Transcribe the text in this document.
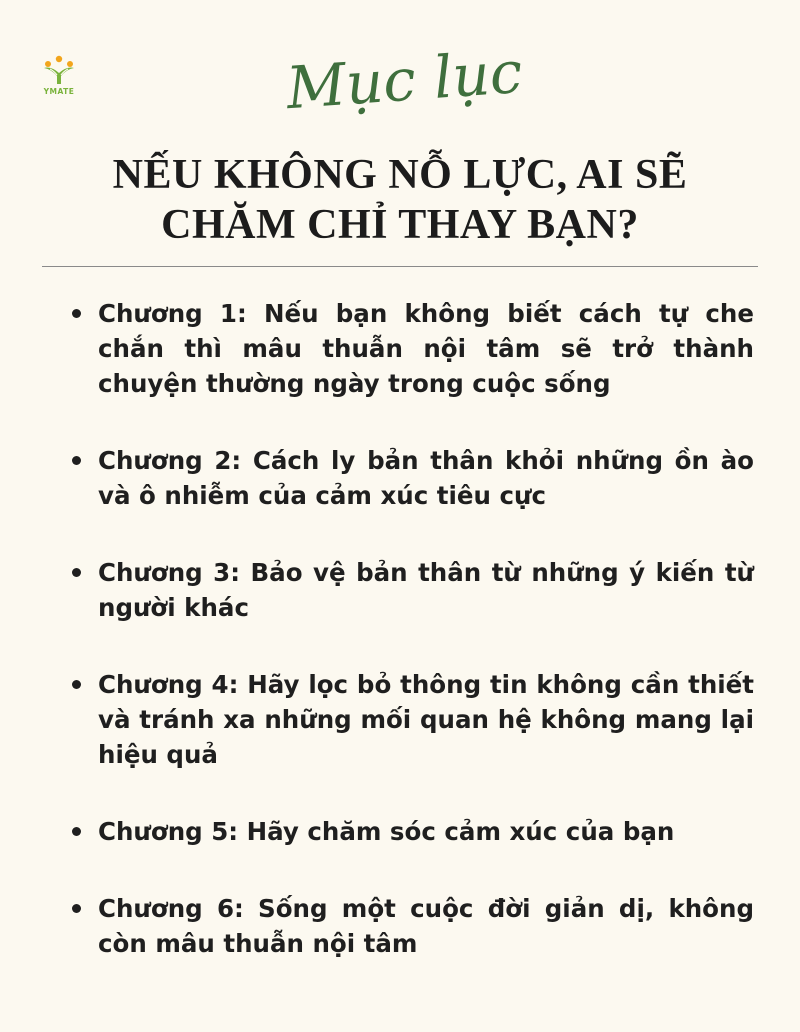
YMATE	Mục lục
NẾU KHÔNG NỖ LỰC, AI SẼ
CHĂM CHỈ THAY BẠN?
Chương 1: Nếu bạn không biết cách tự che chắn thì mâu thuẫn nội tâm sẽ trở thành chuyện thường ngày trong cuộc sống
Chương 2: Cách ly bản thân khỏi những ồn ào và ô nhiễm của cảm xúc tiêu cực
Chương 3: Bảo vệ bản thân từ những ý kiến từ người khác
Chương 4: Hãy lọc bỏ thông tin không cần thiết và tránh xa những mối quan hệ không mang lại hiệu quả
Chương 5: Hãy chăm sóc cảm xúc của bạn
Chương 6: Sống một cuộc đời giản dị, không còn mâu thuẫn nội tâm
